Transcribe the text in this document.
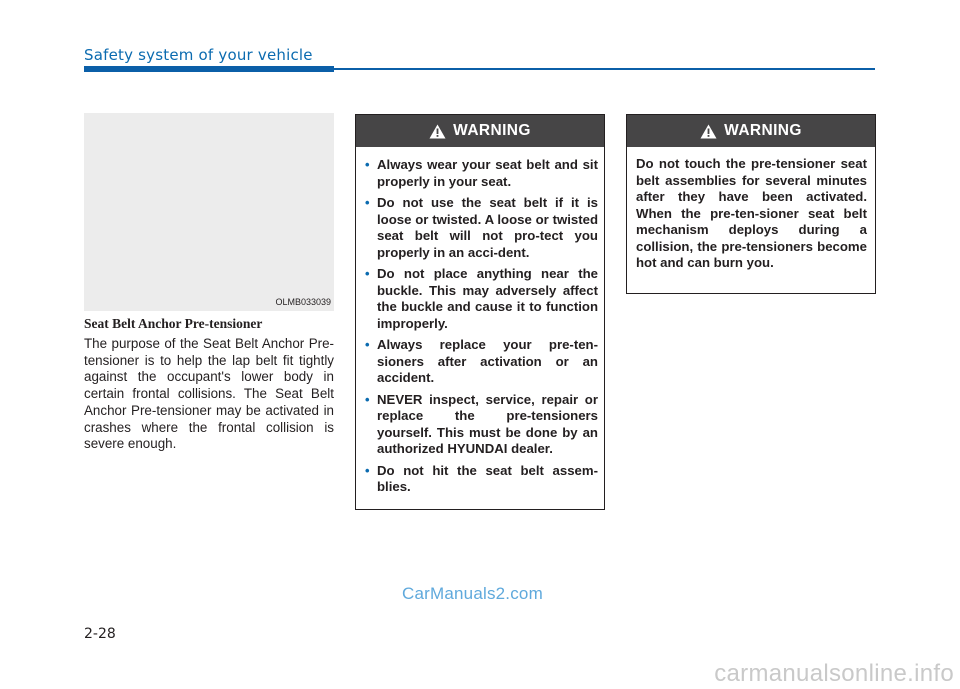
Safety system of your vehicle
OLMB033039
Seat Belt Anchor Pre-tensioner

The purpose of the Seat Belt Anchor Pre-tensioner is to help the lap belt fit tightly against the occupant's lower body in certain frontal collisions. The Seat Belt Anchor Pre-tensioner may be activated in crashes where the frontal collision is severe enough.

WARNING
• Always wear your seat belt and sit properly in your seat.
• Do not use the seat belt if it is loose or twisted. A loose or twisted seat belt will not pro-tect you properly in an acci-dent.
• Do not place anything near the buckle. This may adversely affect the buckle and cause it to function improperly.
• Always replace your pre-ten-sioners after activation or an accident.
• NEVER inspect, service, repair or replace the pre-tensioners yourself. This must be done by an authorized HYUNDAI dealer.
• Do not hit the seat belt assem-blies.
WARNING

Do not touch the pre-tensioner seat belt assemblies for several minutes after they have been activated. When the pre-ten-sioner seat belt mechanism deploys during a collision, the pre-tensioners become hot and can burn you.

CarManuals2.com
2-28
carmanualsonline.info
